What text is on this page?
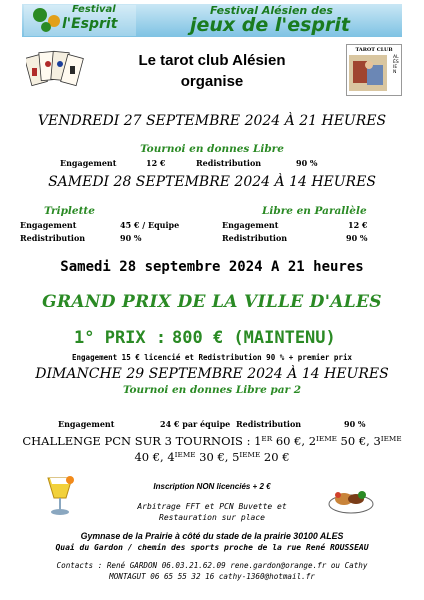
Festival
l'Esprit
Festival Alésien des
jeux de l'esprit
Le tarot club Alésien
organise
TAROT CLUB
ALÉSIEN
VENDREDI 27 SEPTEMBRE 2024 À 21 HEURES
Tournoi en donnes Libre
Engagement	12 €	Redistribution	90 %
SAMEDI 28 SEPTEMBRE 2024 À 14 HEURES
Triplette	Libre en Parallèle
Engagement	45 € / Equipe	Engagement	12 €
Redistribution	90 %	Redistribution	90 %
Samedi 28 septembre 2024 A 21 heures
GRAND PRIX DE LA VILLE D'ALES
1° PRIX : 800 € (MAINTENU)
Engagement 15 € licencié et Redistribution 90 % + premier prix
DIMANCHE 29 SEPTEMBRE 2024 À 14 HEURES
Tournoi en donnes Libre par 2
Engagement	24 € par équipe Redistribution	90 %
CHALLENGE PCN SUR 3 TOURNOIS : 1ᴱᴿ 60 €, 2ᴵᴱᴹᴱ 50 €, 3ᴵᴱᴹᴱ
40 €, 4ᴵᴱᴹᴱ 30 €, 5ᴵᴱᴹᴱ 20 €
Inscription NON licenciés + 2 €
Arbitrage FFT et PCN Buvette et
Restauration sur place
Gymnase de la Prairie à côté du stade de la prairie 30100 ALES
Quai du Gardon / chemin des sports proche de la rue René ROUSSEAU
Contacts : René GARDON 06.03.21.62.09 rene.gardon@orange.fr ou Cathy
MONTAGUT 06 65 55 32 16 cathy-1360@hotmail.fr
